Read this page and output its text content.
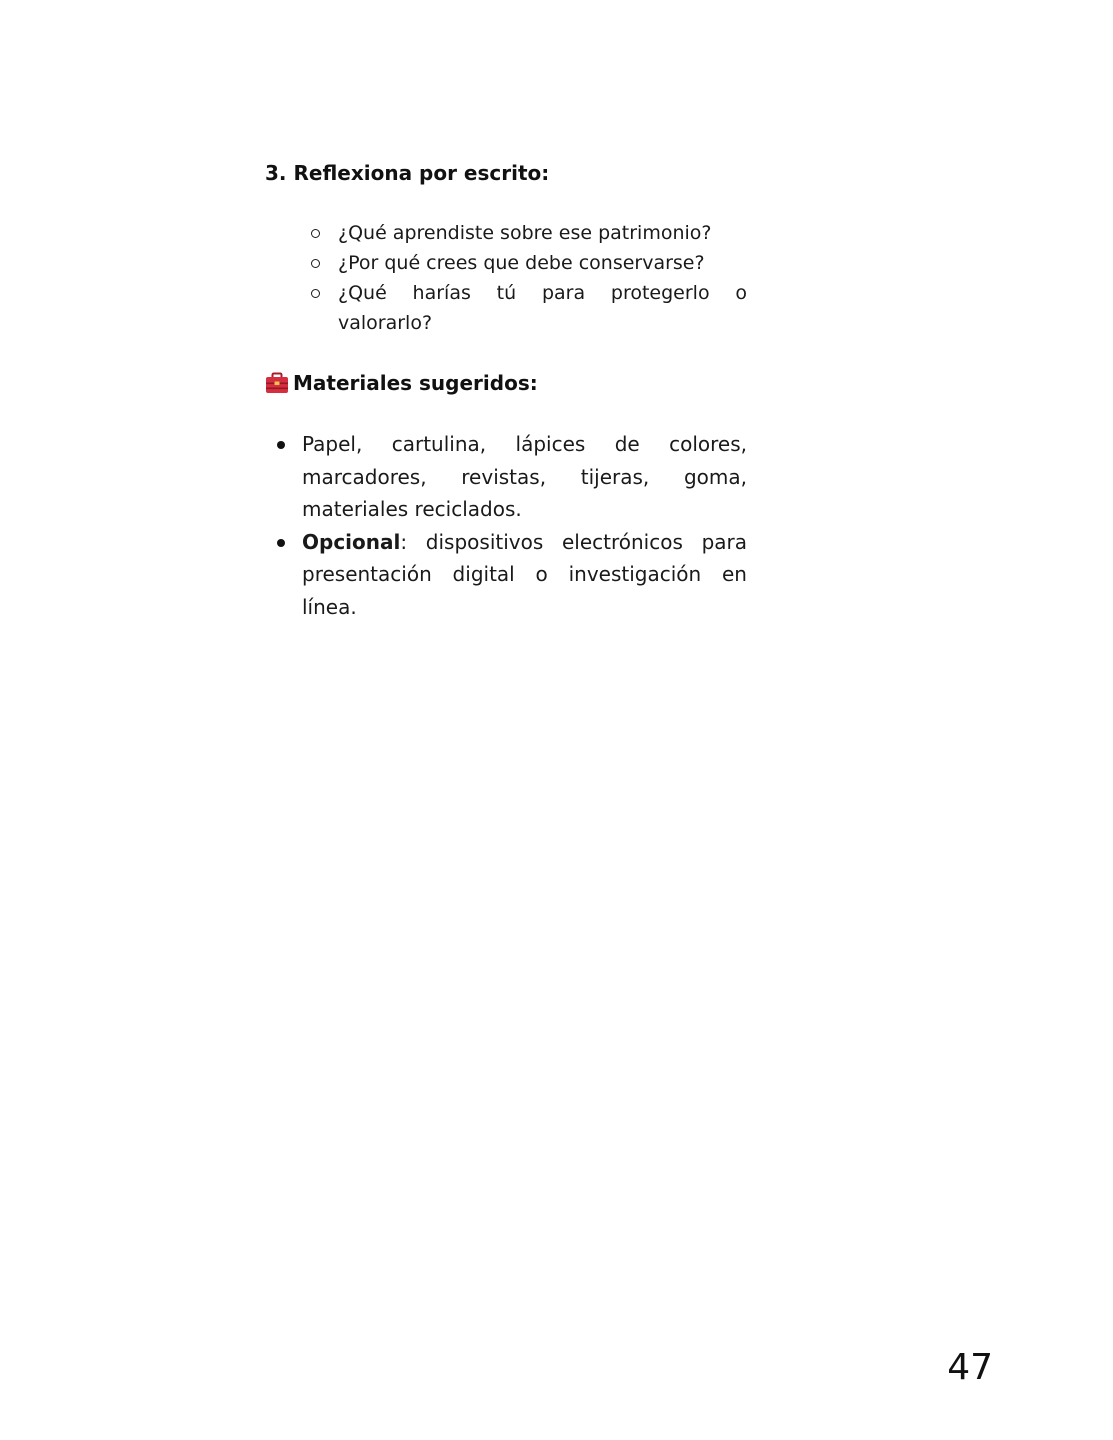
3. Reflexiona por escrito:
¿Qué aprendiste sobre ese patrimonio?
¿Por qué crees que debe conservarse?
¿Qué harías tú para protegerlo o valorarlo?
Materiales sugeridos:
Papel, cartulina, lápices de colores, marcadores, revistas, tijeras, goma, materiales reciclados.
Opcional: dispositivos electrónicos para presentación digital o investigación en línea.
47
